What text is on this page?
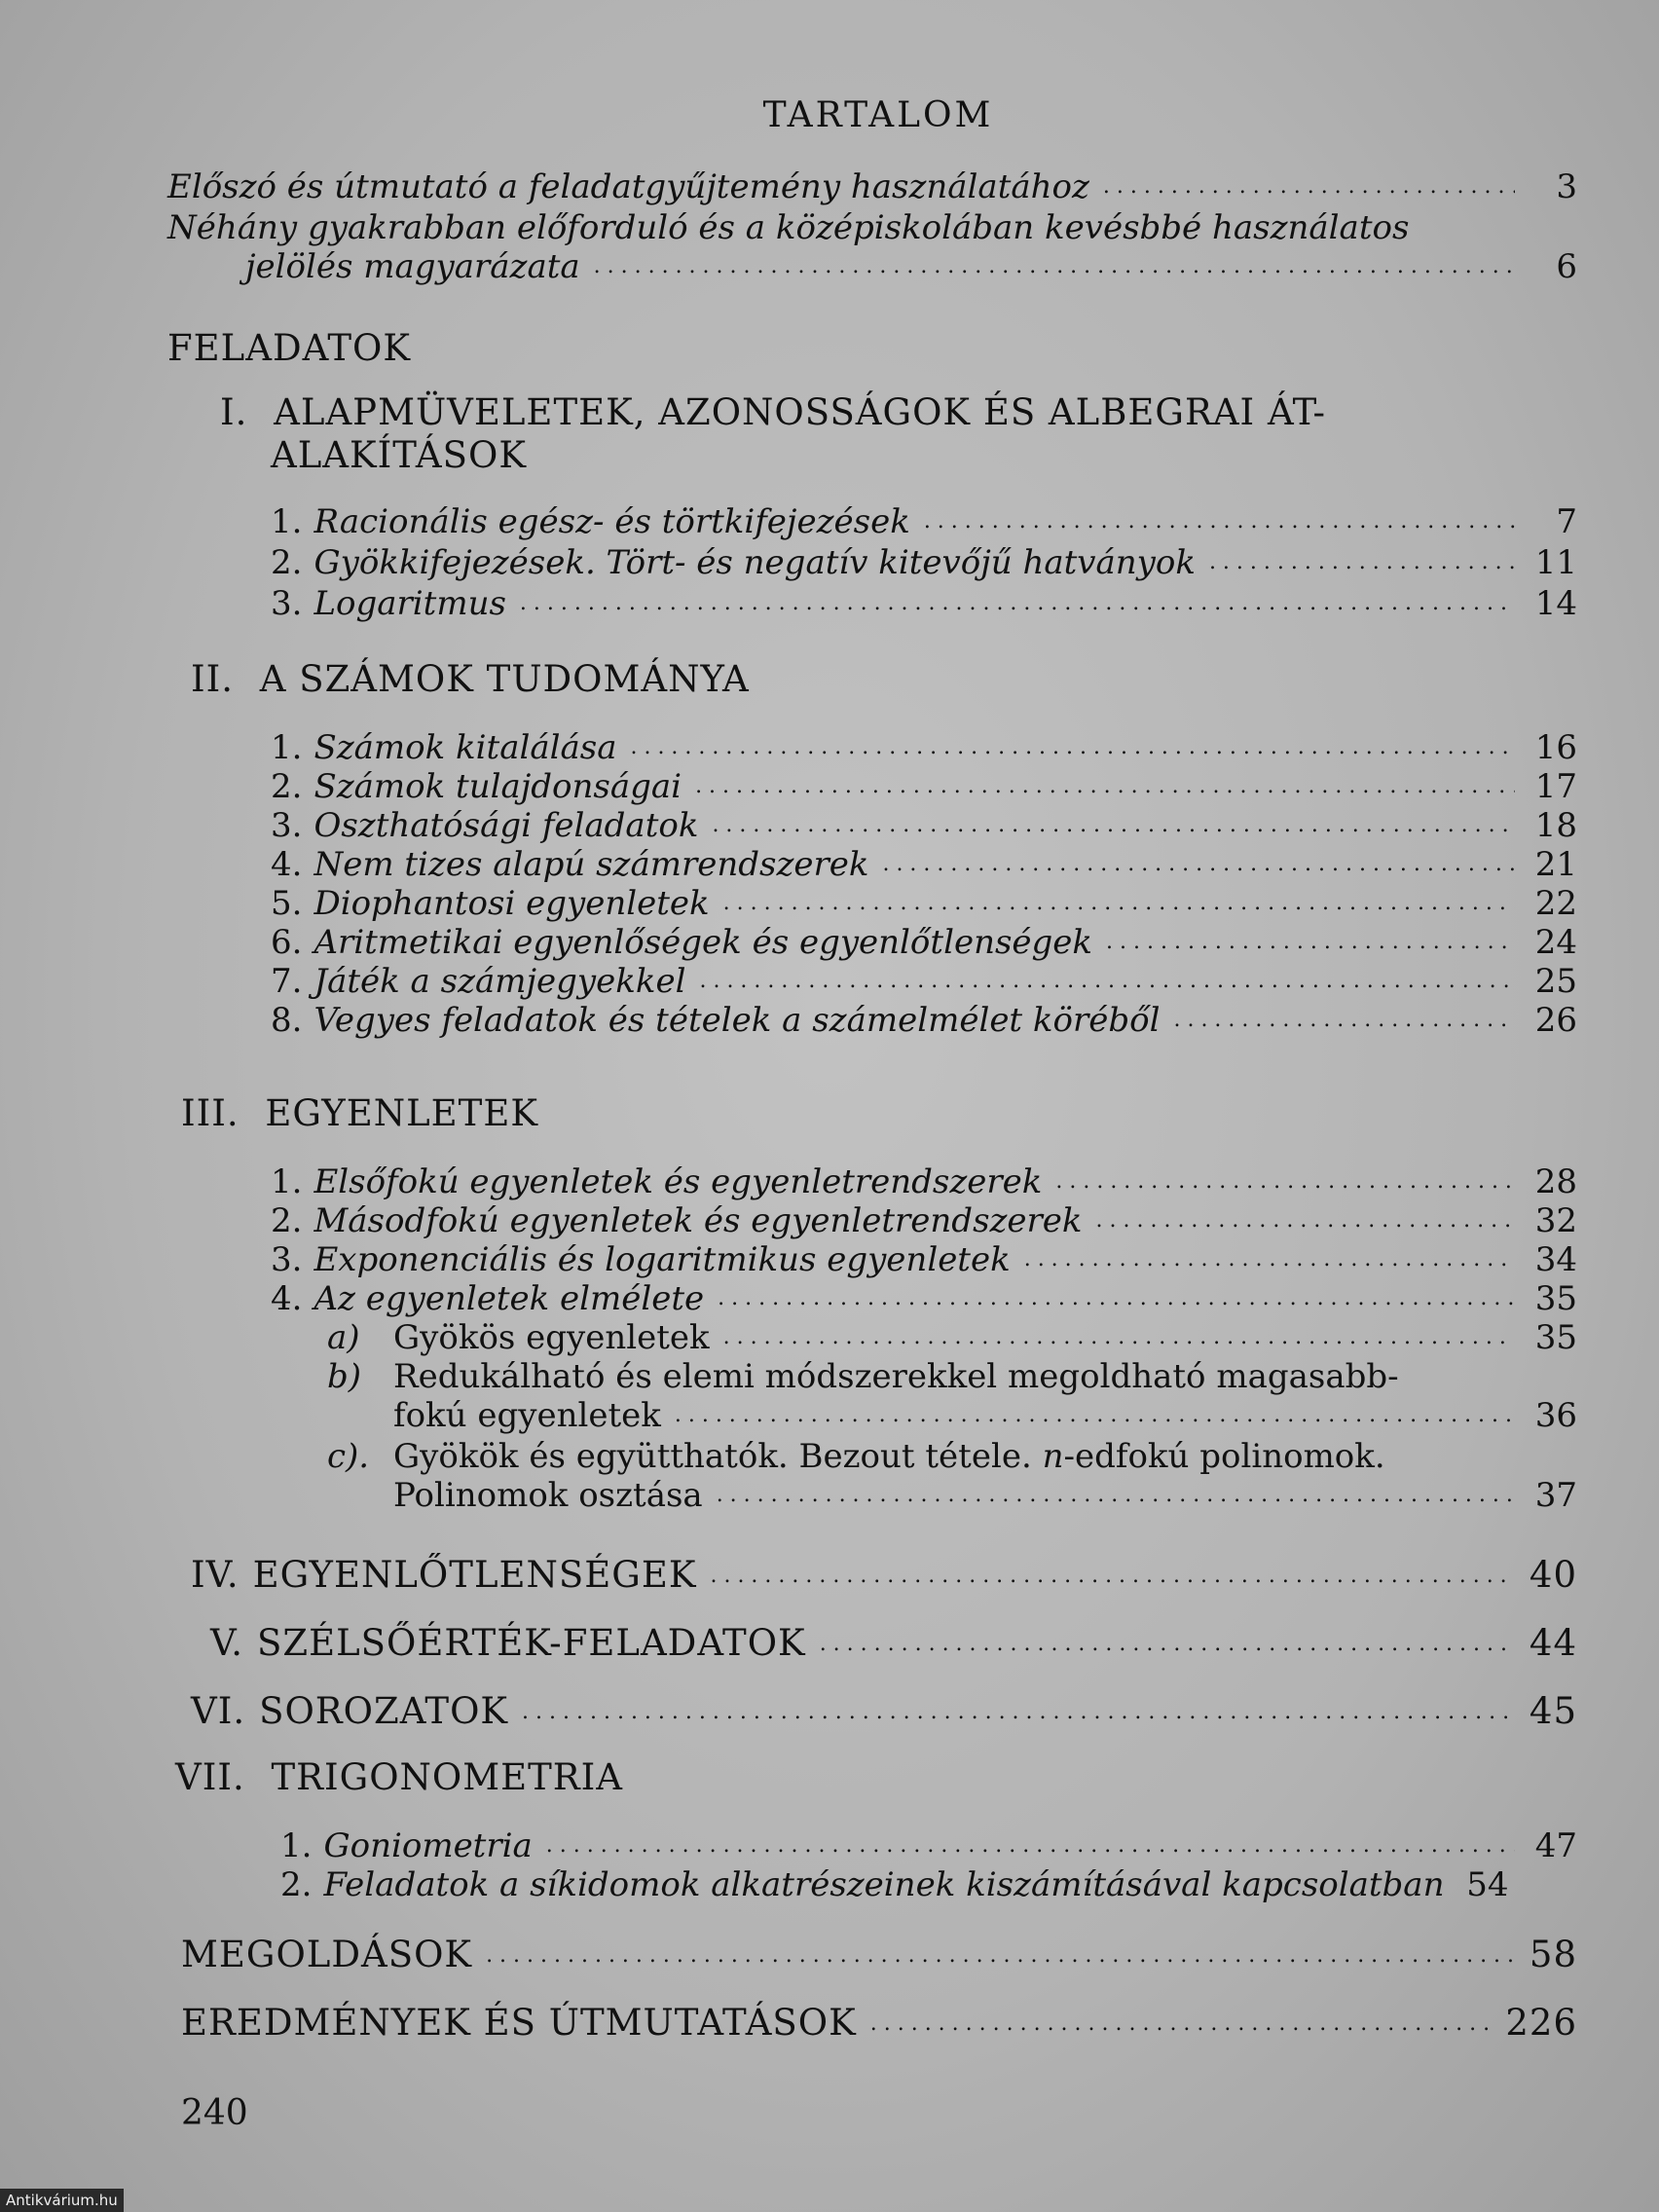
TARTALOM
Előszó és útmutató a feladatgyűjtemény használatához . . .	3
Néhány gyakrabban előforduló és a középiskolában kevésbbé használatos
jelölés magyarázata . . .	6
FELADATOK
I. ALAPMÜVELETEK, AZONOSSÁGOK ÉS ALBEGRAI ÁT-
ALAKÍTÁSOK
1. Racionális egész- és törtkifejezések . . .	7
2. Gyökkifejezések. Tört- és negatív kitevőjű hatványok . . .	11
3. Logaritmus . . .	14
II. A SZÁMOK TUDOMÁNYA
1. Számok kitalálása . . .	16
2. Számok tulajdonságai . . .	17
3. Oszthatósági feladatok . . .	18
4. Nem tizes alapú számrendszerek . . .	21
5. Diophantosi egyenletek . . .	22
6. Aritmetikai egyenlőségek és egyenlőtlenségek . . .	24
7. Játék a számjegyekkel . . .	25
8. Vegyes feladatok és tételek a számelmélet köréből . . .	26
III. EGYENLETEK
1. Elsőfokú egyenletek és egyenletrendszerek . . .	28
2. Másodfokú egyenletek és egyenletrendszerek . . .	32
3. Exponenciális és logaritmikus egyenletek . . .	34
4. Az egyenletek elmélete . . .	35
a)	Gyökös egyenletek . . .	35
b) Redukálható és elemi módszerekkel megoldható magasabb-
fokú egyenletek . . .	36
c). Gyökök és együtthatók. Bezout tétele. n-edfokú polinomok.
Polinomok osztása . . .	37
IV. EGYENLŐTLENSÉGEK . . .	40
V. SZÉLSŐÉRTÉK-FELADATOK . . .	44
VI. SOROZATOK . . .	45
VII. TRIGONOMETRIA
1. Goniometria . . .	47
2. Feladatok a síkidomok alkatrészeinek kiszámításával kapcsolatban 54
MEGOLDÁSOK . . .	58
EREDMÉNYEK ÉS ÚTMUTATÁSOK . . .	226
240
Antikvárium.hu
